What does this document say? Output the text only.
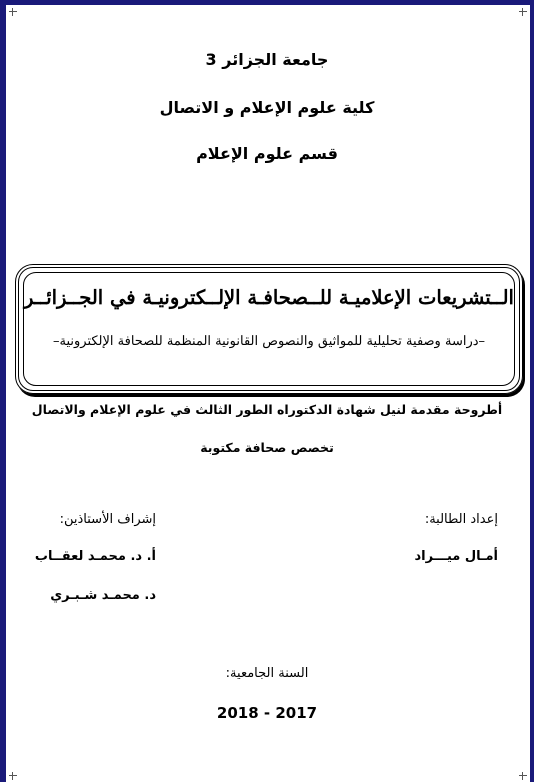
جامعة الجزائر 3
كلية علوم الإعلام و الاتصال
قسم علوم الإعلام
الــتشريعات الإعلاميـة للــصحافـة الإلــكترونيـة في الجــزائــر
–دراسة وصفية تحليلية للمواثيق والنصوص القانونية المنظمة للصحافة الإلكترونية–
أطروحة مقدمة لنيل شهادة الدكتوراه الطور الثالث في علوم الإعلام والاتصال
تخصص صحافة مكتوبة
إعداد الطالبة:
إشراف الأستاذين:
أمـال ميـــراد
أ. د. محمـد لعقــاب
د. محمـد شـبـري
السنة الجامعية:
2018 - 2017
